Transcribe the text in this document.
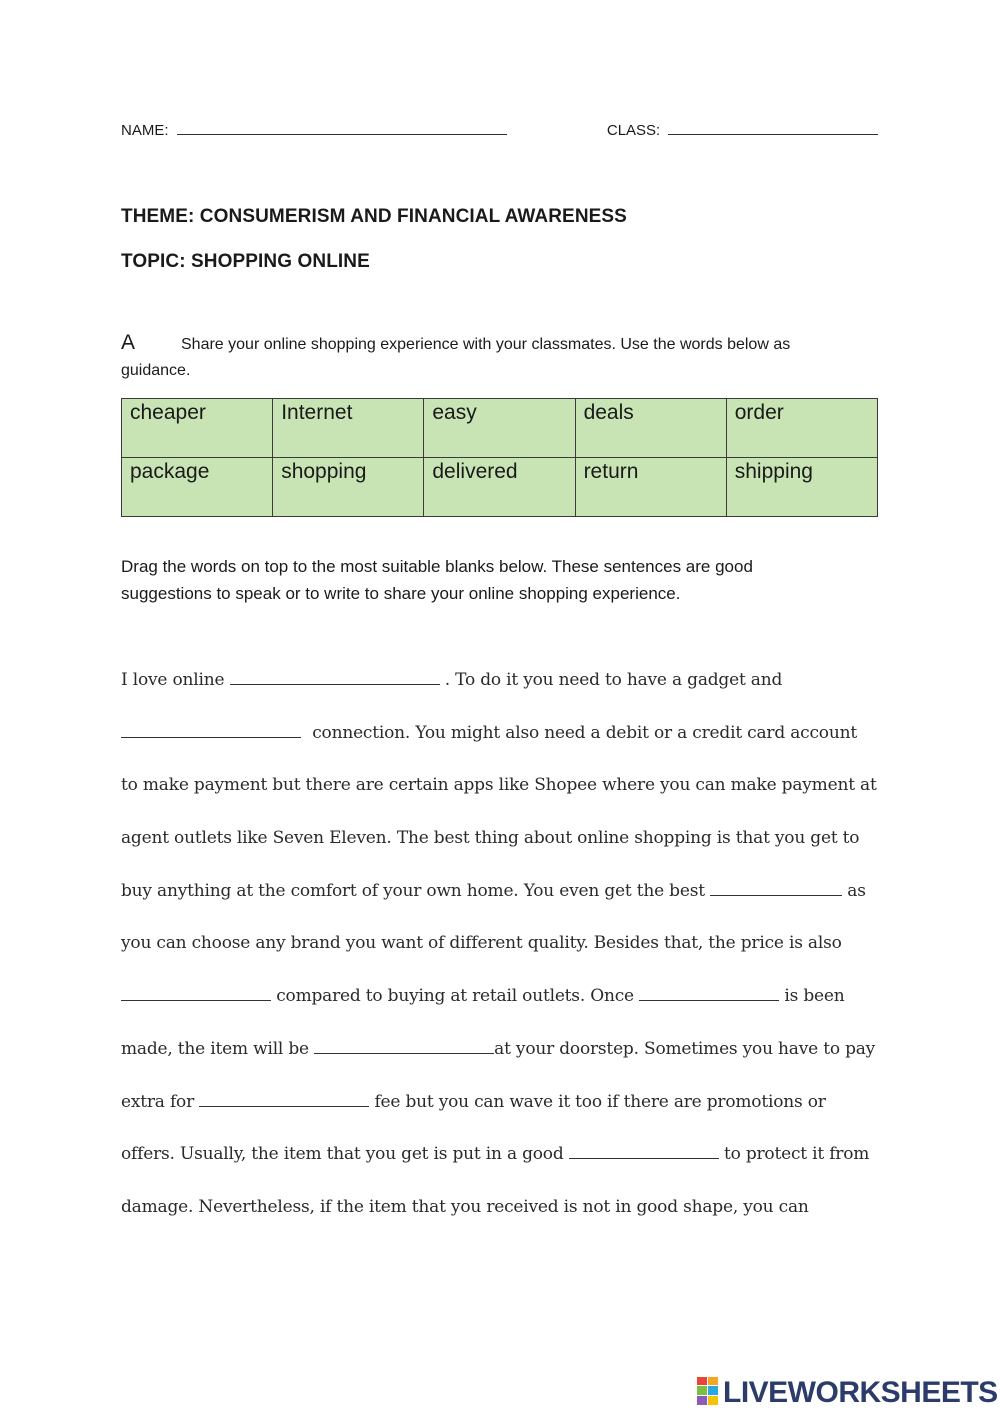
NAME:	CLASS:
THEME: CONSUMERISM AND FINANCIAL AWARENESS
TOPIC: SHOPPING ONLINE
A	Share your online shopping experience with your classmates. Use the words below as
guidance.
cheaper	Internet	easy	deals	order
package	shopping	delivered	return	shipping
Drag the words on top to the most suitable blanks below. These sentences are good
suggestions to speak or to write to share your online shopping experience.
I love online	. To do it you need to have a gadget and
connection. You might also need a debit or a credit card account
to make payment but there are certain apps like Shopee where you can make payment at
agent outlets like Seven Eleven. The best thing about online shopping is that you get to
buy anything at the comfort of your own home. You even get the best	as
you can choose any brand you want of different quality. Besides that, the price is also
compared to buying at retail outlets. Once	is been
made, the item will be	at your doorstep. Sometimes you have to pay
extra for	fee but you can wave it too if there are promotions or
offers. Usually, the item that you get is put in a good	to protect it from
damage. Nevertheless, if the item that you received is not in good shape, you can
LIVEWORKSHEETS
